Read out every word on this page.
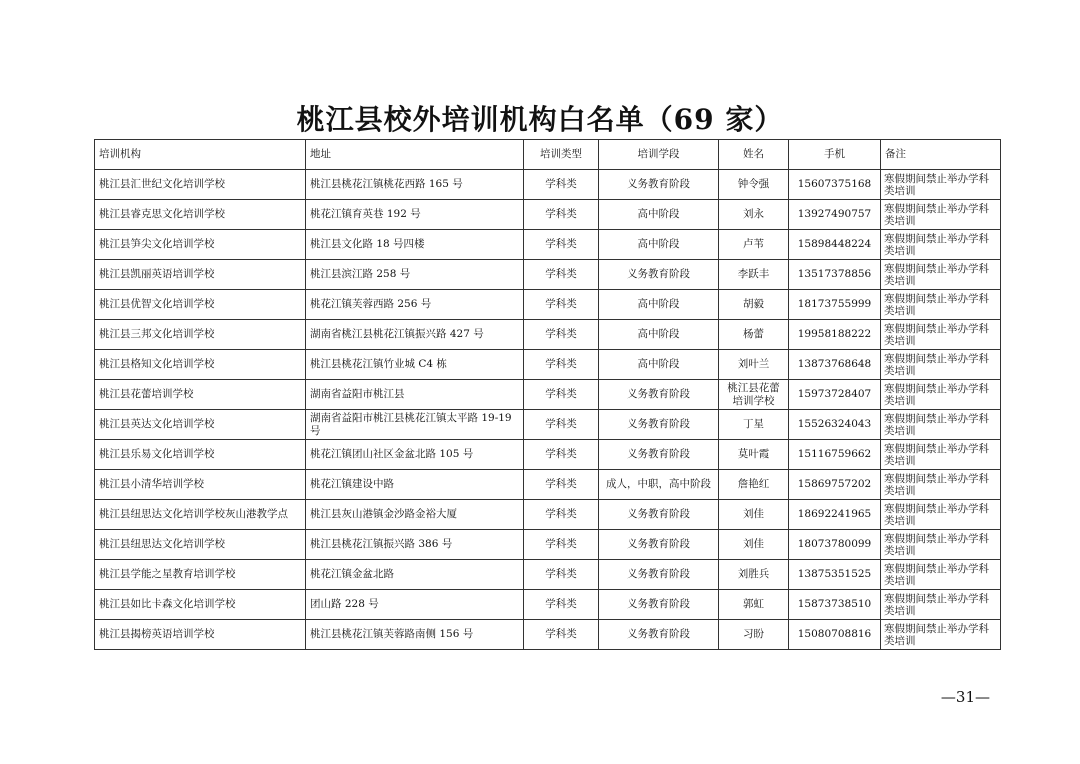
桃江县校外培训机构白名单（69 家）
培训机构	地址	培训类型	培训学段	姓名	手机	备注
桃江县汇世纪文化培训学校	桃江县桃花江镇桃花西路 165 号	学科类	义务教育阶段	钟令强	15607375168	寒假期间禁止举办学科类培训
桃江县睿克思文化培训学校	桃花江镇育英巷 192 号	学科类	高中阶段	刘永	13927490757	寒假期间禁止举办学科类培训
桃江县笋尖文化培训学校	桃江县文化路 18 号四楼	学科类	高中阶段	卢苇	15898448224	寒假期间禁止举办学科类培训
桃江县凯丽英语培训学校	桃江县滨江路 258 号	学科类	义务教育阶段	李跃丰	13517378856	寒假期间禁止举办学科类培训
桃江县优智文化培训学校	桃花江镇芙蓉西路 256 号	学科类	高中阶段	胡毅	18173755999	寒假期间禁止举办学科类培训
桃江县三邦文化培训学校	湖南省桃江县桃花江镇振兴路 427 号	学科类	高中阶段	杨蕾	19958188222	寒假期间禁止举办学科类培训
桃江县格知文化培训学校	桃江县桃花江镇竹业城 C4 栋	学科类	高中阶段	刘叶兰	13873768648	寒假期间禁止举办学科类培训
桃江县花蕾培训学校	湖南省益阳市桃江县	学科类	义务教育阶段	桃江县花蕾培训学校	15973728407	寒假期间禁止举办学科类培训
桃江县英达文化培训学校	湖南省益阳市桃江县桃花江镇太平路 19-19 号	学科类	义务教育阶段	丁星	15526324043	寒假期间禁止举办学科类培训
桃江县乐易文化培训学校	桃花江镇团山社区金盆北路 105 号	学科类	义务教育阶段	莫叶霞	15116759662	寒假期间禁止举办学科类培训
桃江县小清华培训学校	桃花江镇建设中路	学科类	成人，中职，高中阶段	詹艳红	15869757202	寒假期间禁止举办学科类培训
桃江县纽思达文化培训学校灰山港教学点	桃江县灰山港镇金沙路金裕大厦	学科类	义务教育阶段	刘佳	18692241965	寒假期间禁止举办学科类培训
桃江县纽思达文化培训学校	桃江县桃花江镇振兴路 386 号	学科类	义务教育阶段	刘佳	18073780099	寒假期间禁止举办学科类培训
桃江县学能之星教育培训学校	桃花江镇金盆北路	学科类	义务教育阶段	刘胜兵	13875351525	寒假期间禁止举办学科类培训
桃江县如比卡森文化培训学校	团山路 228 号	学科类	义务教育阶段	郭虹	15873738510	寒假期间禁止举办学科类培训
桃江县揭榜英语培训学校	桃江县桃花江镇芙蓉路南侧 156 号	学科类	义务教育阶段	习盼	15080708816	寒假期间禁止举办学科类培训
—31—
